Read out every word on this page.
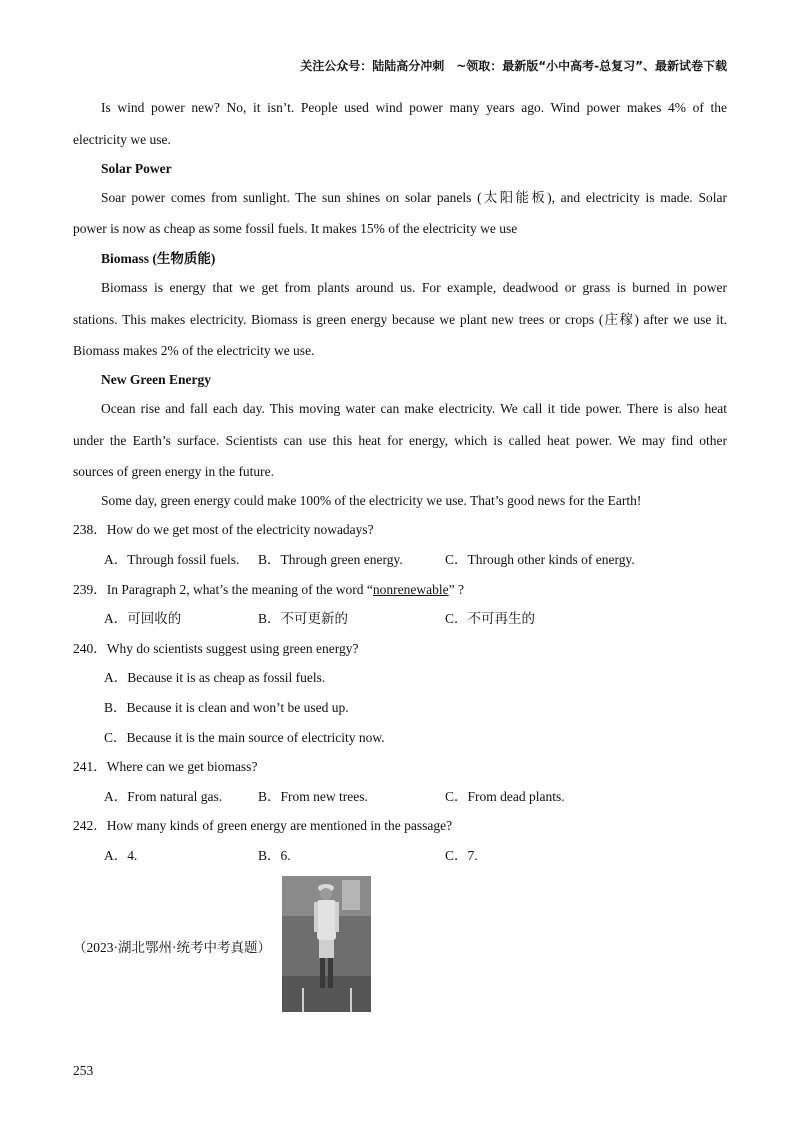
关注公众号：陆陆高分冲刺　~领取：最新版“小中高考-总复习”、最新试卷下载
Is wind power new? No, it isn’t. People used wind power many years ago. Wind power makes 4% of the
electricity we use.
Solar Power
Soar power comes from sunlight. The sun shines on solar panels (太阳能板), and electricity is made. Solar
power is now as cheap as some fossil fuels. It makes 15% of the electricity we use
Biomass (生物质能)
Biomass is energy that we get from plants around us. For example, deadwood or grass is burned in power
stations. This makes electricity. Biomass is green energy because we plant new trees or crops (庄稼) after we use it.
Biomass makes 2% of the electricity we use.
New Green Energy
Ocean rise and fall each day. This moving water can make electricity. We call it tide power. There is also heat
under the Earth’s surface. Scientists can use this heat for energy, which is called heat power. We may find other
sources of green energy in the future.
Some day, green energy could make 100% of the electricity we use. That’s good news for the Earth!
238．How do we get most of the electricity nowadays?
A．Through fossil fuels. B．Through green energy.	C．Through other kinds of energy.
239．In Paragraph 2, what’s the meaning of the word “nonrenewable” ?
A．可回收的	B．不可更新的	C．不可再生的
240．Why do scientists suggest using green energy?
A．Because it is as cheap as fossil fuels.
B．Because it is clean and won’t be used up.
C．Because it is the main source of electricity now.
241．Where can we get biomass?
A．From natural gas.	B．From new trees.	C．From dead plants.
242．How many kinds of green energy are mentioned in the passage?
A．4.	B．6.	C．7.
（2023·湖北鄂州·统考中考真题）
253
